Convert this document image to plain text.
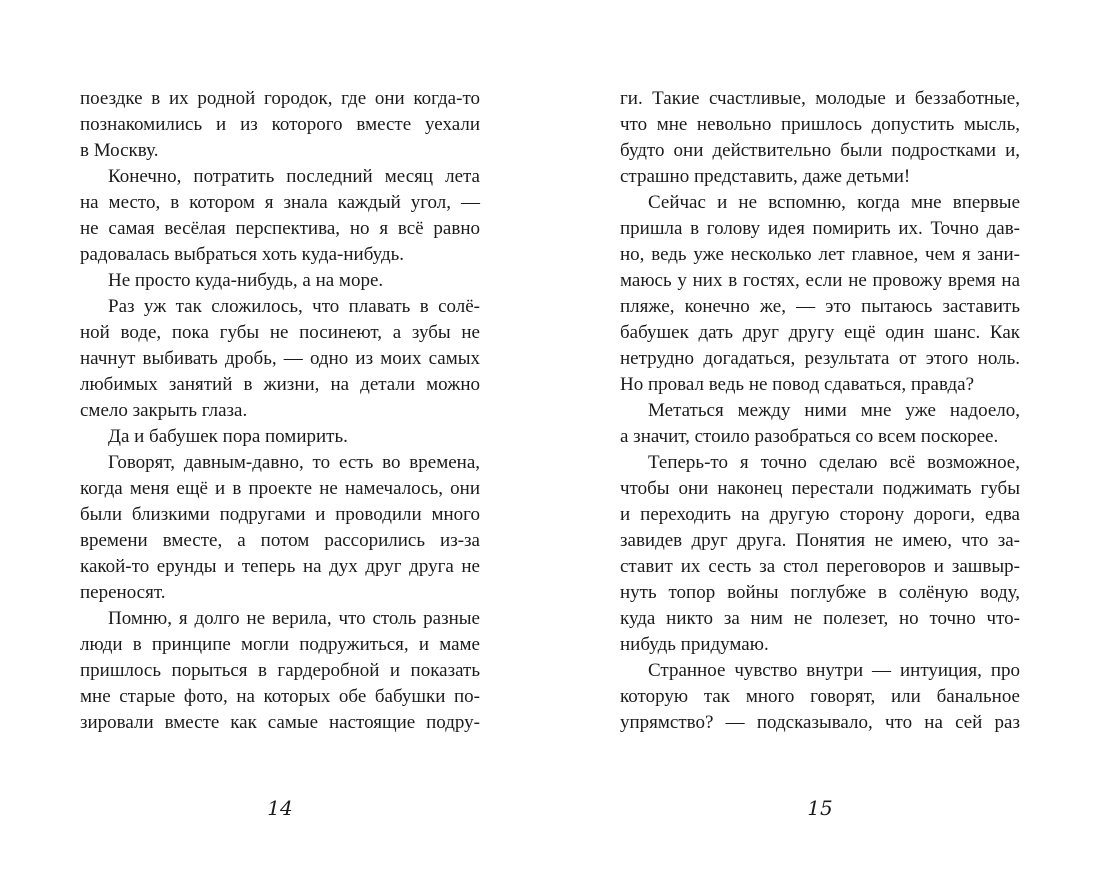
поездке в их родной городок, где они когда-то
познакомились и из которого вместе уехали
в Москву.
Конечно, потратить последний месяц лета
на место, в котором я знала каждый угол, —
не самая весёлая перспектива, но я всё равно
радовалась выбраться хоть куда-нибудь.
Не просто куда-нибудь, а на море.
Раз уж так сложилось, что плавать в солё-
ной воде, пока губы не посинеют, а зубы не
начнут выбивать дробь, — одно из моих самых
любимых занятий в жизни, на детали можно
смело закрыть глаза.
Да и бабушек пора помирить.
Говорят, давным-давно, то есть во времена,
когда меня ещё и в проекте не намечалось, они
были близкими подругами и проводили много
времени вместе, а потом рассорились из-за
какой-то ерунды и теперь на дух друг друга не
переносят.
Помню, я долго не верила, что столь разные
люди в принципе могли подружиться, и маме
пришлось порыться в гардеробной и показать
мне старые фото, на которых обе бабушки по-
зировали вместе как самые настоящие подру-
ги. Такие счастливые, молодые и беззаботные,
что мне невольно пришлось допустить мысль,
будто они действительно были подростками и,
страшно представить, даже детьми!
Сейчас и не вспомню, когда мне впервые
пришла в голову идея помирить их. Точно дав-
но, ведь уже несколько лет главное, чем я зани-
маюсь у них в гостях, если не провожу время на
пляже, конечно же, — это пытаюсь заставить
бабушек дать друг другу ещё один шанс. Как
нетрудно догадаться, результата от этого ноль.
Но провал ведь не повод сдаваться, правда?
Метаться между ними мне уже надоело,
а значит, стоило разобраться со всем поскорее.
Теперь-то я точно сделаю всё возможное,
чтобы они наконец перестали поджимать губы
и переходить на другую сторону дороги, едва
завидев друг друга. Понятия не имею, что за-
ставит их сесть за стол переговоров и зашвыр-
нуть топор войны поглубже в солёную воду,
куда никто за ним не полезет, но точно что-
нибудь придумаю.
Странное чувство внутри — интуиция, про
которую так много говорят, или банальное
упрямство? — подсказывало, что на сей раз
14	15
